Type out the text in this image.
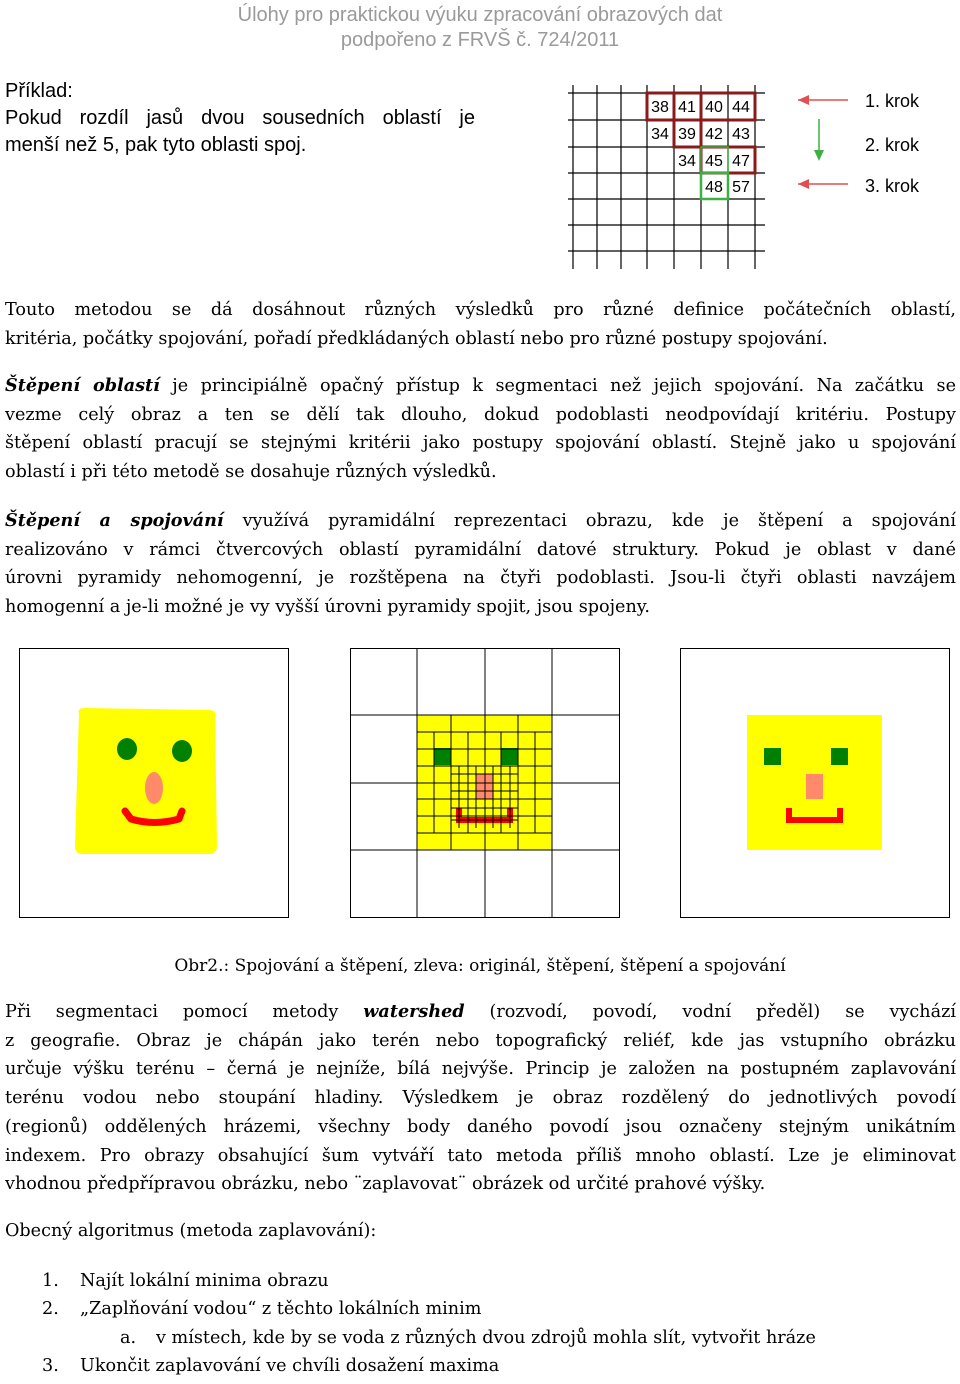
Úlohy pro praktickou výuku zpracování obrazových dat
podpořeno z FRVŠ č. 724/2011
Příklad:
Pokud rozdíl jasů dvou sousedních oblastí je
menší než 5, pak tyto oblasti spoj.
38 41 40 44
34 39 42 43
34 45 47
48 57
1. krok
2. krok
3. krok
Touto metodou se dá dosáhnout různých výsledků pro různé definice počátečních oblastí,
kritéria, počátky spojování, pořadí předkládaných oblastí nebo pro různé postupy spojování.
Štěpení oblastí je principiálně opačný přístup k segmentaci než jejich spojování. Na začátku se
vezme celý obraz a ten se dělí tak dlouho, dokud podoblasti neodpovídají kritériu. Postupy
štěpení oblastí pracují se stejnými kritérii jako postupy spojování oblastí. Stejně jako u spojování
oblastí i při této metodě se dosahuje různých výsledků.
Štěpení a spojování využívá pyramidální reprezentaci obrazu, kde je štěpení a spojování
realizováno v rámci čtvercových oblastí pyramidální datové struktury. Pokud je oblast v dané
úrovni pyramidy nehomogenní, je rozštěpena na čtyři podoblasti. Jsou-li čtyři oblasti navzájem
homogenní a je-li možné je vy vyšší úrovni pyramidy spojit, jsou spojeny.
Obr2.: Spojování a štěpení, zleva: originál, štěpení, štěpení a spojování
Při segmentaci pomocí metody watershed (rozvodí, povodí, vodní předěl) se vychází
z geografie. Obraz je chápán jako terén nebo topografický reliéf, kde jas vstupního obrázku
určuje výšku terénu – černá je nejníže, bílá nejvýše. Princip je založen na postupném zaplavování
terénu vodou nebo stoupání hladiny. Výsledkem je obraz rozdělený do jednotlivých povodí
(regionů) oddělených hrázemi, všechny body daného povodí jsou označeny stejným unikátním
indexem. Pro obrazy obsahující šum vytváří tato metoda příliš mnoho oblastí. Lze je eliminovat
vhodnou předpřípravou obrázku, nebo ¨zaplavovat¨ obrázek od určité prahové výšky.
Obecný algoritmus (metoda zaplavování):
1. Najít lokální minima obrazu
2. „Zaplňování vodou“ z těchto lokálních minim
a. v místech, kde by se voda z různých dvou zdrojů mohla slít, vytvořit hráze
3. Ukončit zaplavování ve chvíli dosažení maxima
